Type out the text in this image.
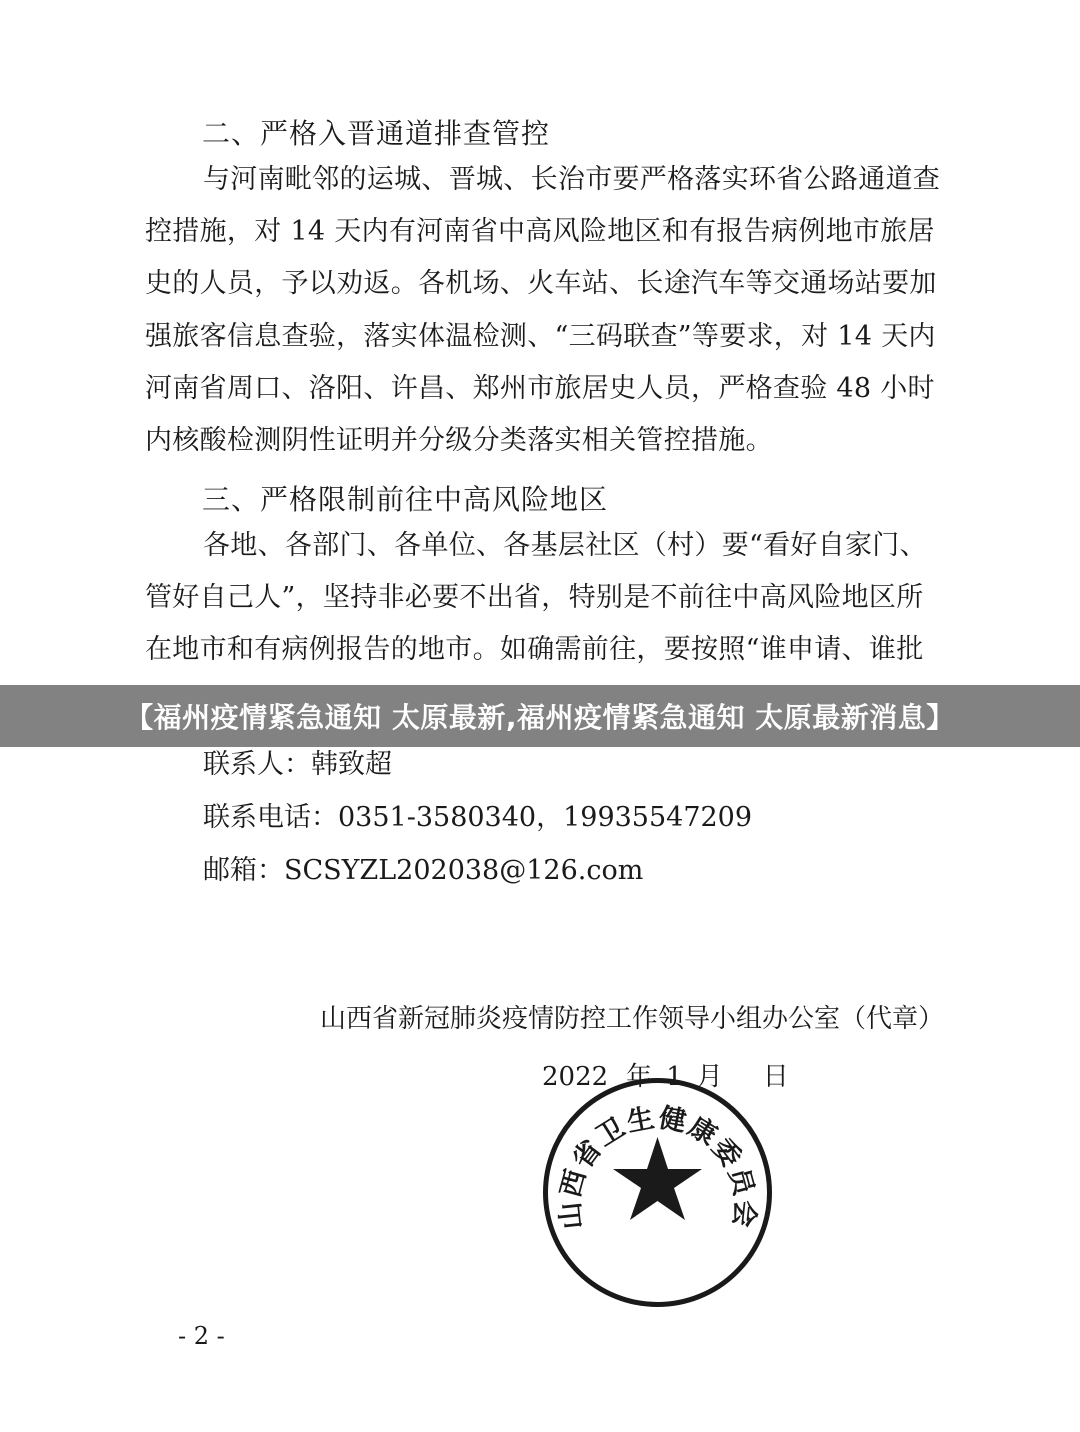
二、严格入晋通道排查管控
与河南毗邻的运城、晋城、长治市要严格落实环省公路通道查控措施，对 14 天内有河南省中高风险地区和有报告病例地市旅居史的人员，予以劝返。各机场、火车站、长途汽车等交通场站要加强旅客信息查验，落实体温检测、“三码联查”等要求，对 14 天内河南省周口、洛阳、许昌、郑州市旅居史人员，严格查验 48 小时内核酸检测阴性证明并分级分类落实相关管控措施。
三、严格限制前往中高风险地区
各地、各部门、各单位、各基层社区（村）要“看好自家门、管好自己人”，坚持非必要不出省，特别是不前往中高风险地区所在地市和有病例报告的地市。如确需前往，要按照“谁申请、谁批
联系人：韩致超
联系电话：0351-3580340，19935547209
邮箱：SCSYZL202038@126.com
山西省新冠肺炎疫情防控工作领导小组办公室（代章）
2022 年 1 月 日
山西省卫生健康委员会
- 2 -
【福州疫情紧急通知 太原最新,福州疫情紧急通知 太原最新消息】
